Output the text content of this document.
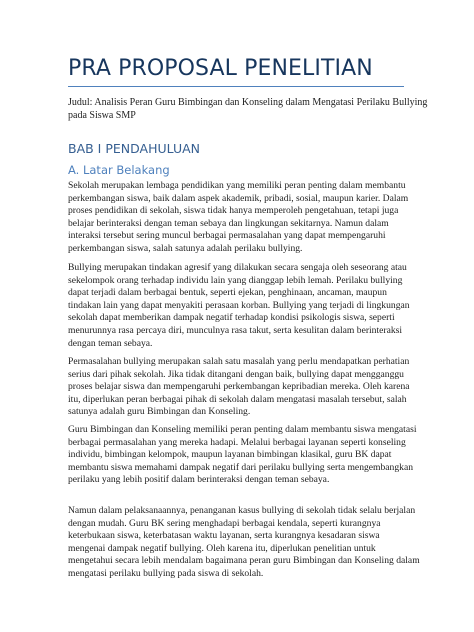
PRA PROPOSAL PENELITIAN

Judul: Analisis Peran Guru Bimbingan dan Konseling dalam Mengatasi Perilaku Bullying
pada Siswa SMP

BAB I PENDAHULUAN
A. Latar Belakang

Sekolah merupakan lembaga pendidikan yang memiliki peran penting dalam membantu
perkembangan siswa, baik dalam aspek akademik, pribadi, sosial, maupun karier. Dalam
proses pendidikan di sekolah, siswa tidak hanya memperoleh pengetahuan, tetapi juga
belajar berinteraksi dengan teman sebaya dan lingkungan sekitarnya. Namun dalam
interaksi tersebut sering muncul berbagai permasalahan yang dapat mempengaruhi
perkembangan siswa, salah satunya adalah perilaku bullying.

Bullying merupakan tindakan agresif yang dilakukan secara sengaja oleh seseorang atau
sekelompok orang terhadap individu lain yang dianggap lebih lemah. Perilaku bullying
dapat terjadi dalam berbagai bentuk, seperti ejekan, penghinaan, ancaman, maupun
tindakan lain yang dapat menyakiti perasaan korban. Bullying yang terjadi di lingkungan
sekolah dapat memberikan dampak negatif terhadap kondisi psikologis siswa, seperti
menurunnya rasa percaya diri, munculnya rasa takut, serta kesulitan dalam berinteraksi
dengan teman sebaya.

Permasalahan bullying merupakan salah satu masalah yang perlu mendapatkan perhatian
serius dari pihak sekolah. Jika tidak ditangani dengan baik, bullying dapat mengganggu
proses belajar siswa dan mempengaruhi perkembangan kepribadian mereka. Oleh karena
itu, diperlukan peran berbagai pihak di sekolah dalam mengatasi masalah tersebut, salah
satunya adalah guru Bimbingan dan Konseling.

Guru Bimbingan dan Konseling memiliki peran penting dalam membantu siswa mengatasi
berbagai permasalahan yang mereka hadapi. Melalui berbagai layanan seperti konseling
individu, bimbingan kelompok, maupun layanan bimbingan klasikal, guru BK dapat
membantu siswa memahami dampak negatif dari perilaku bullying serta mengembangkan
perilaku yang lebih positif dalam berinteraksi dengan teman sebaya.

Namun dalam pelaksanaannya, penanganan kasus bullying di sekolah tidak selalu berjalan
dengan mudah. Guru BK sering menghadapi berbagai kendala, seperti kurangnya
keterbukaan siswa, keterbatasan waktu layanan, serta kurangnya kesadaran siswa
mengenai dampak negatif bullying. Oleh karena itu, diperlukan penelitian untuk
mengetahui secara lebih mendalam bagaimana peran guru Bimbingan dan Konseling dalam
mengatasi perilaku bullying pada siswa di sekolah.
